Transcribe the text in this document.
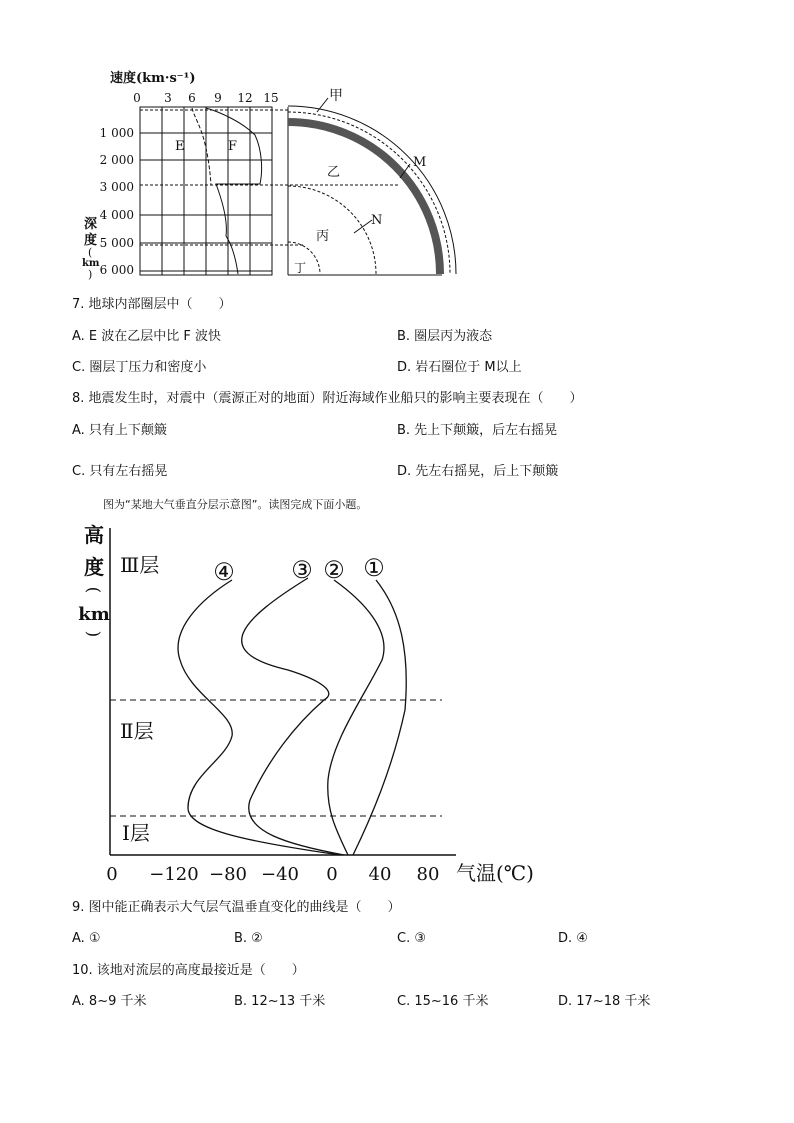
速度(km·s⁻¹)
0 3 6 9 12 15
1 000
2 000
3 000
4 000
5 000
6 000
深
度
(
km
)
E	F
甲
M
N
乙
丙
丁
7. 地球内部圈层中（　　）
A. E 波在乙层中比 F 波快	B. 圈层丙为液态
C. 圈层丁压力和密度小	D. 岩石圈位于 M以上
8. 地震发生时，对震中（震源正对的地面）附近海域作业船只的影响主要表现在（　　）
A. 只有上下颠簸	B. 先上下颠簸，后左右摇晃
C. 只有左右摇晃	D. 先左右摇晃，后上下颠簸
图为“某地大气垂直分层示意图”。读图完成下面小题。
高
度
(
km
)
Ⅲ层
Ⅱ层
Ⅰ层
④ ③ ② ①
0 −120 −80 −40 0 40 80 气温(℃)
9. 图中能正确表示大气层气温垂直变化的曲线是（　　）
A. ①	B. ②	C. ③	D. ④
10. 该地对流层的高度最接近是（　　）
A. 8~9 千米	B. 12~13 千米	C. 15~16 千米	D. 17~18 千米
